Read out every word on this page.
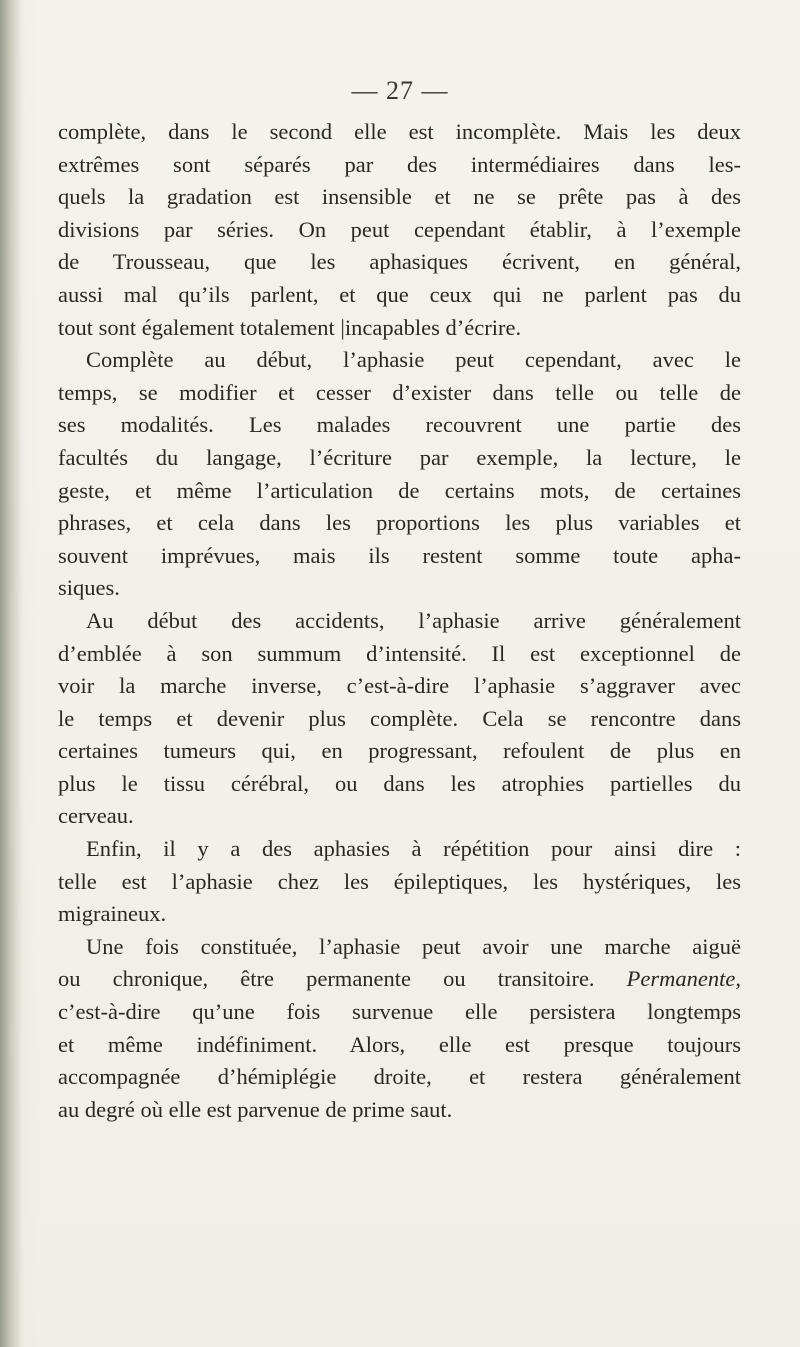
— 27 —
complète, dans le second elle est incomplète. Mais les deux
extrêmes sont séparés par des intermédiaires dans les-
quels la gradation est insensible et ne se prête pas à des
divisions par séries. On peut cependant établir, à l’exemple
de Trousseau, que les aphasiques écrivent, en général,
aussi mal qu’ils parlent, et que ceux qui ne parlent pas du
tout sont également totalement |incapables d’écrire.
Complète au début, l’aphasie peut cependant, avec le
temps, se modifier et cesser d’exister dans telle ou telle de
ses modalités. Les malades recouvrent une partie des
facultés du langage, l’écriture par exemple, la lecture, le
geste, et même l’articulation de certains mots, de certaines
phrases, et cela dans les proportions les plus variables et
souvent imprévues, mais ils restent somme toute apha-
siques.
Au début des accidents, l’aphasie arrive généralement
d’emblée à son summum d’intensité. Il est exceptionnel de
voir la marche inverse, c’est-à-dire l’aphasie s’aggraver avec
le temps et devenir plus complète. Cela se rencontre dans
certaines tumeurs qui, en progressant, refoulent de plus en
plus le tissu cérébral, ou dans les atrophies partielles du
cerveau.
Enfin, il y a des aphasies à répétition pour ainsi dire :
telle est l’aphasie chez les épileptiques, les hystériques, les
migraineux.
Une fois constituée, l’aphasie peut avoir une marche aiguë
ou chronique, être permanente ou transitoire. Permanente,
c’est-à-dire qu’une fois survenue elle persistera longtemps
et même indéfiniment. Alors, elle est presque toujours
accompagnée d’hémiplégie droite, et restera généralement
au degré où elle est parvenue de prime saut.
